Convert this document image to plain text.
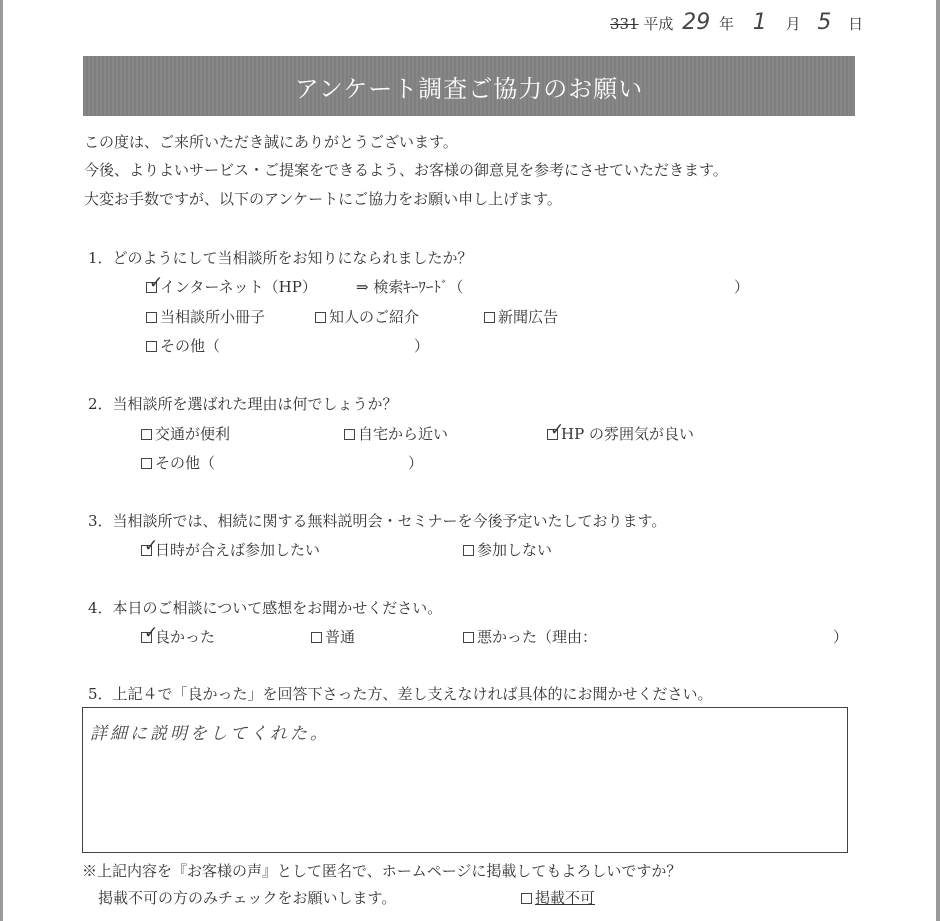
331 平成 29 年 1 月 5 日
アンケート調査ご協力のお願い
この度は、ご来所いただき誠にありがとうございます。
今後、よりよいサービス・ご提案をできるよう、お客様の御意見を参考にさせていただきます。
大変お手数ですが、以下のアンケートにご協力をお願い申し上げます。
1．どのようにして当相談所をお知りになられましたか？
✓
インターネット（HP）	⇒ 検索ｷｰﾜｰﾄﾞ（	）
当相談所小冊子	知人のご紹介	新聞広告
その他（	）
2．当相談所を選ばれた理由は何でしょうか？
交通が便利	自宅から近い	✓
HP の雰囲気が良い
その他（	）
3．当相談所では、相続に関する無料説明会・セミナーを今後予定いたしております。
✓
日時が合えば参加したい	参加しない
4．本日のご相談について感想をお聞かせください。
✓
良かった	普通	悪かった（理由：	）
5．上記４で「良かった」を回答下さった方、差し支えなければ具体的にお聞かせください。
詳細に説明をしてくれた。
※上記内容を『お客様の声』として匿名で、ホームページに掲載してもよろしいですか？
掲載不可の方のみチェックをお願いします。	掲載不可
